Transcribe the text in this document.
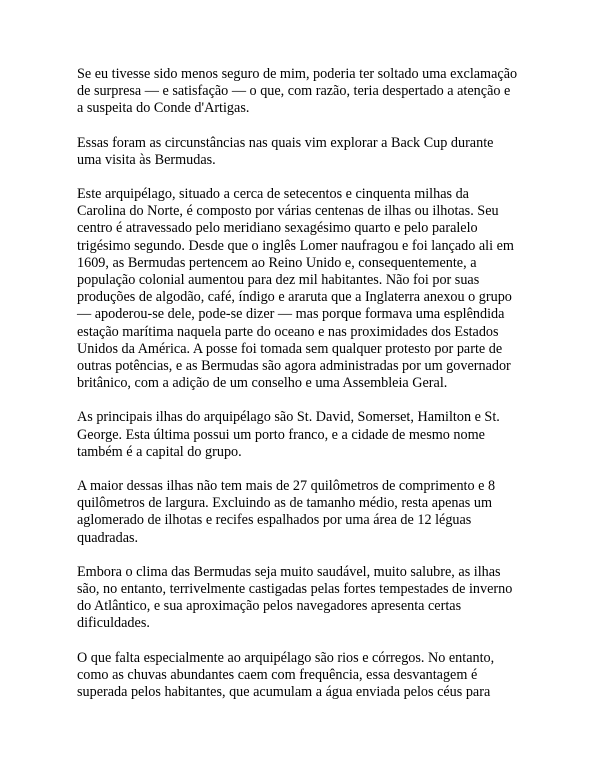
Se eu tivesse sido menos seguro de mim, poderia ter soltado uma exclamação de surpresa — e satisfação — o que, com razão, teria despertado a atenção e a suspeita do Conde d'Artigas.

Essas foram as circunstâncias nas quais vim explorar a Back Cup durante uma visita às Bermudas.

Este arquipélago, situado a cerca de setecentos e cinquenta milhas da Carolina do Norte, é composto por várias centenas de ilhas ou ilhotas. Seu centro é atravessado pelo meridiano sexagésimo quarto e pelo paralelo trigésimo segundo. Desde que o inglês Lomer naufragou e foi lançado ali em 1609, as Bermudas pertencem ao Reino Unido e, consequentemente, a população colonial aumentou para dez mil habitantes. Não foi por suas produções de algodão, café, índigo e araruta que a Inglaterra anexou o grupo — apoderou-se dele, pode-se dizer — mas porque formava uma esplêndida estação marítima naquela parte do oceano e nas proximidades dos Estados Unidos da América. A posse foi tomada sem qualquer protesto por parte de outras potências, e as Bermudas são agora administradas por um governador britânico, com a adição de um conselho e uma Assembleia Geral.

As principais ilhas do arquipélago são St. David, Somerset, Hamilton e St. George. Esta última possui um porto franco, e a cidade de mesmo nome também é a capital do grupo.

A maior dessas ilhas não tem mais de 27 quilômetros de comprimento e 8 quilômetros de largura. Excluindo as de tamanho médio, resta apenas um aglomerado de ilhotas e recifes espalhados por uma área de 12 léguas quadradas.

Embora o clima das Bermudas seja muito saudável, muito salubre, as ilhas são, no entanto, terrivelmente castigadas pelas fortes tempestades de inverno do Atlântico, e sua aproximação pelos navegadores apresenta certas dificuldades.

O que falta especialmente ao arquipélago são rios e córregos. No entanto, como as chuvas abundantes caem com frequência, essa desvantagem é superada pelos habitantes, que acumulam a água enviada pelos céus para
